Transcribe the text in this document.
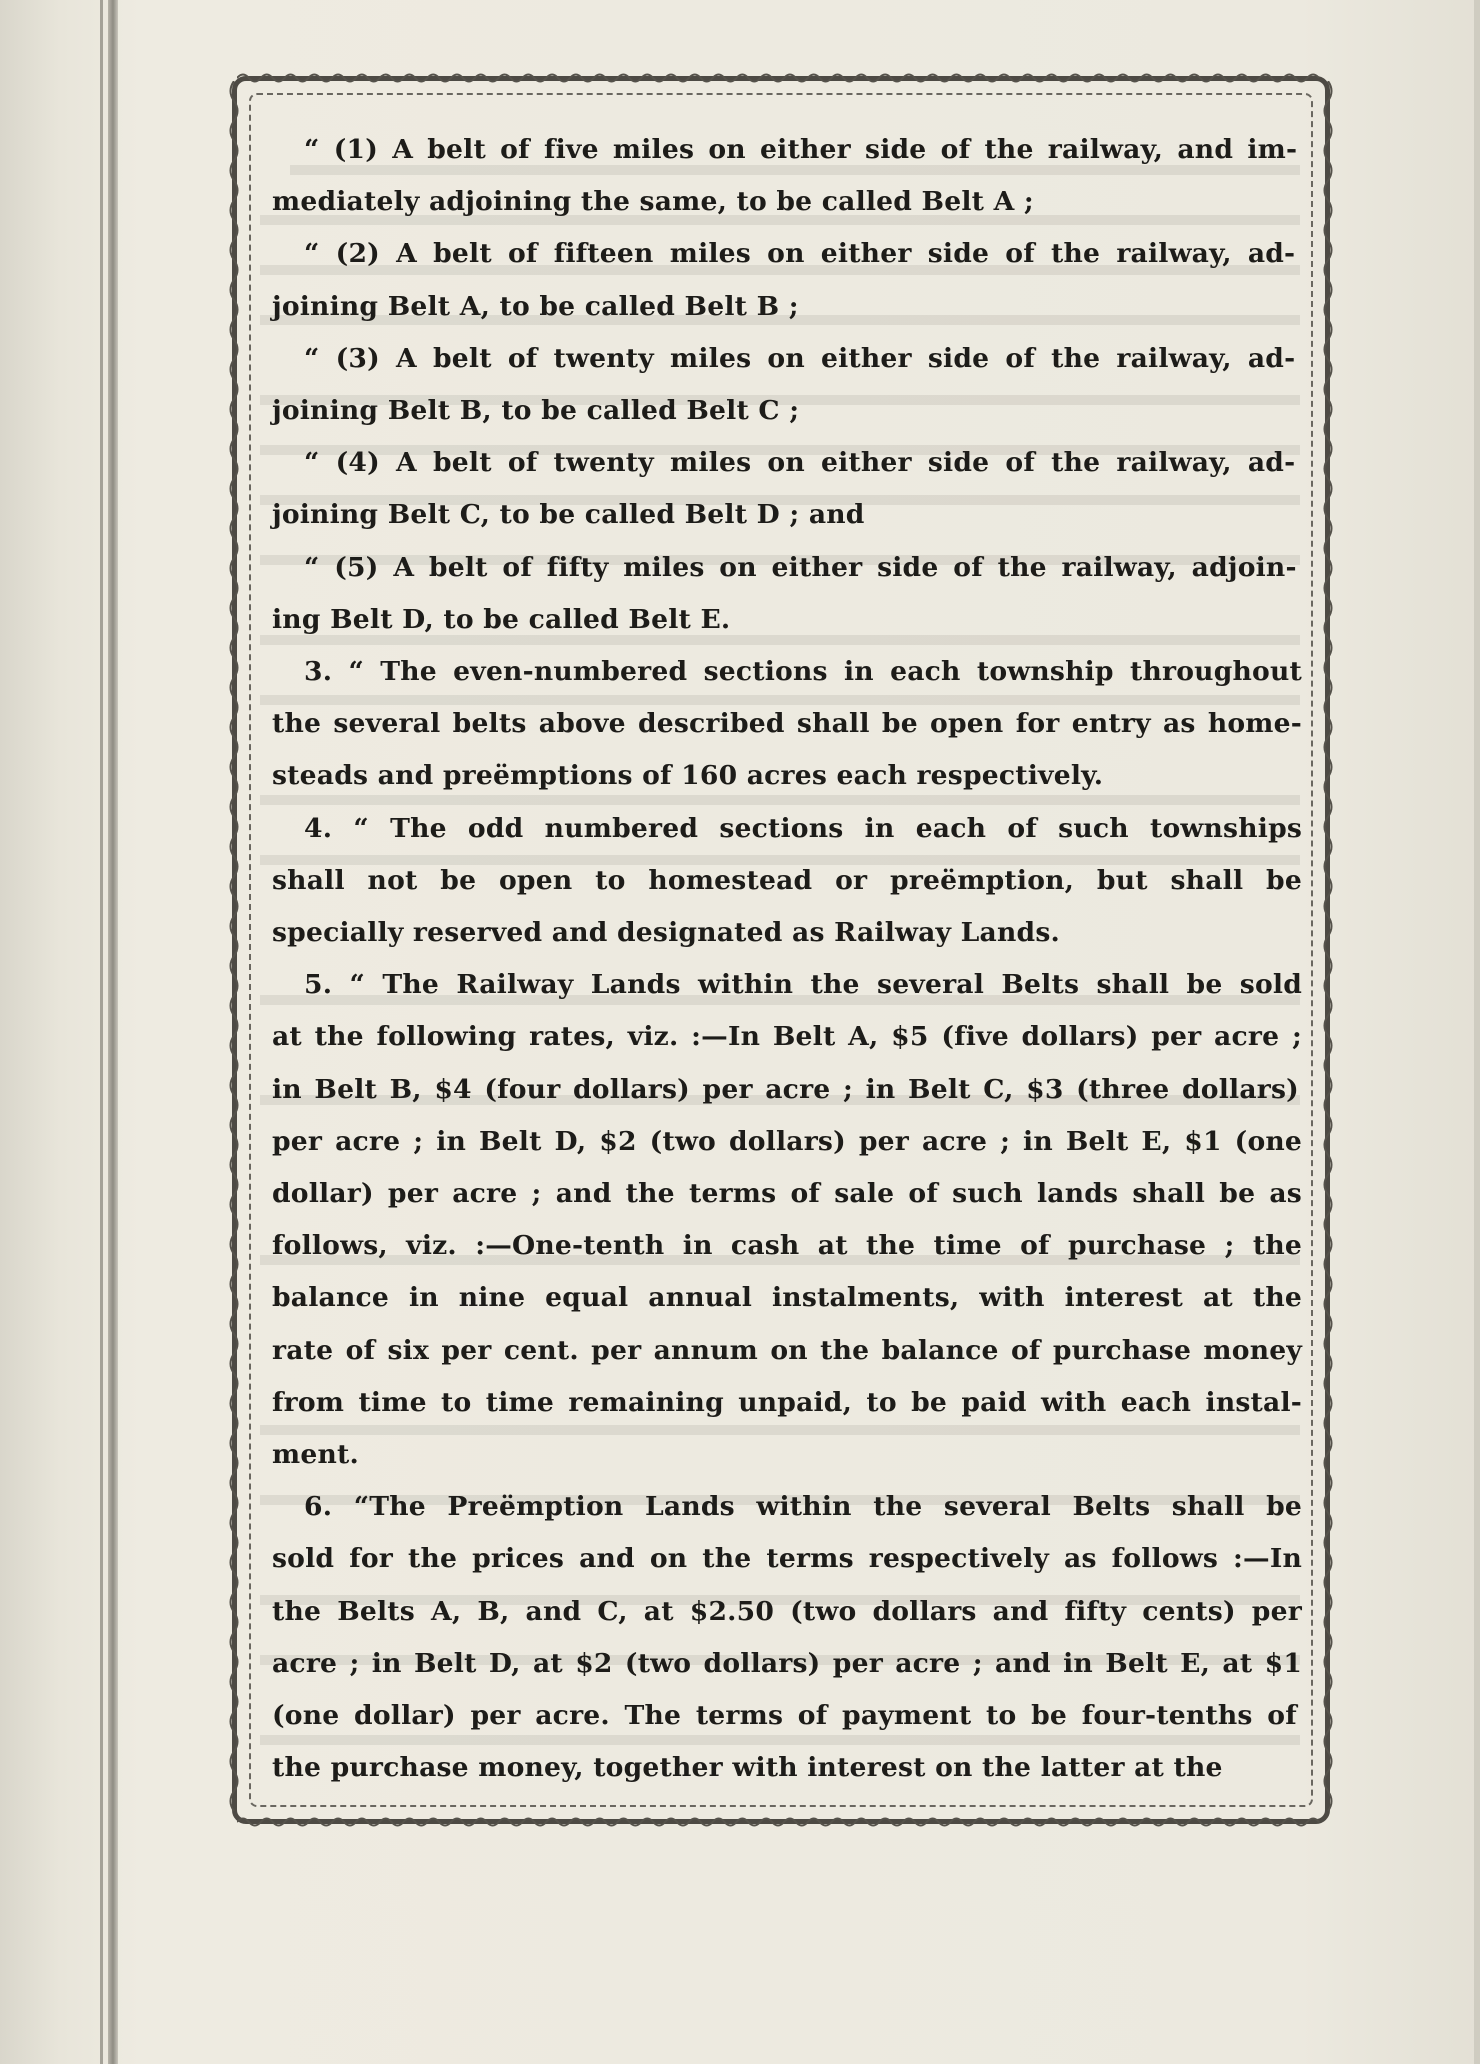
“ (1) A belt of five miles on either side of the railway, and im-

mediately adjoining the same, to be called Belt A ;

“ (2) A belt of fifteen miles on either side of the railway, ad-

joining Belt A, to be called Belt B ;

“ (3) A belt of twenty miles on either side of the railway, ad-

joining Belt B, to be called Belt C ;

“ (4) A belt of twenty miles on either side of the railway, ad-

joining Belt C, to be called Belt D ; and

“ (5) A belt of fifty miles on either side of the railway, adjoin-

ing Belt D, to be called Belt E.

3. “ The even-numbered sections in each township throughout

the several belts above described shall be open for entry as home-

steads and preëmptions of 160 acres each respectively.

4. “ The odd numbered sections in each of such townships

shall not be open to homestead or preëmption, but shall be

specially reserved and designated as Railway Lands.

5. “ The Railway Lands within the several Belts shall be sold

at the following rates, viz. :—In Belt A, $5 (five dollars) per acre ;

in Belt B, $4 (four dollars) per acre ; in Belt C, $3 (three dollars)

per acre ; in Belt D, $2 (two dollars) per acre ; in Belt E, $1 (one

dollar) per acre ; and the terms of sale of such lands shall be as

follows, viz. :—One-tenth in cash at the time of purchase ; the

balance in nine equal annual instalments, with interest at the

rate of six per cent. per annum on the balance of purchase money

from time to time remaining unpaid, to be paid with each instal-

ment.

6. “The Preëmption Lands within the several Belts shall be

sold for the prices and on the terms respectively as follows :—In

the Belts A, B, and C, at $2.50 (two dollars and fifty cents) per

acre ; in Belt D, at $2 (two dollars) per acre ; and in Belt E, at $1

(one dollar) per acre. The terms of payment to be four-tenths of

the purchase money, together with interest on the latter at the
